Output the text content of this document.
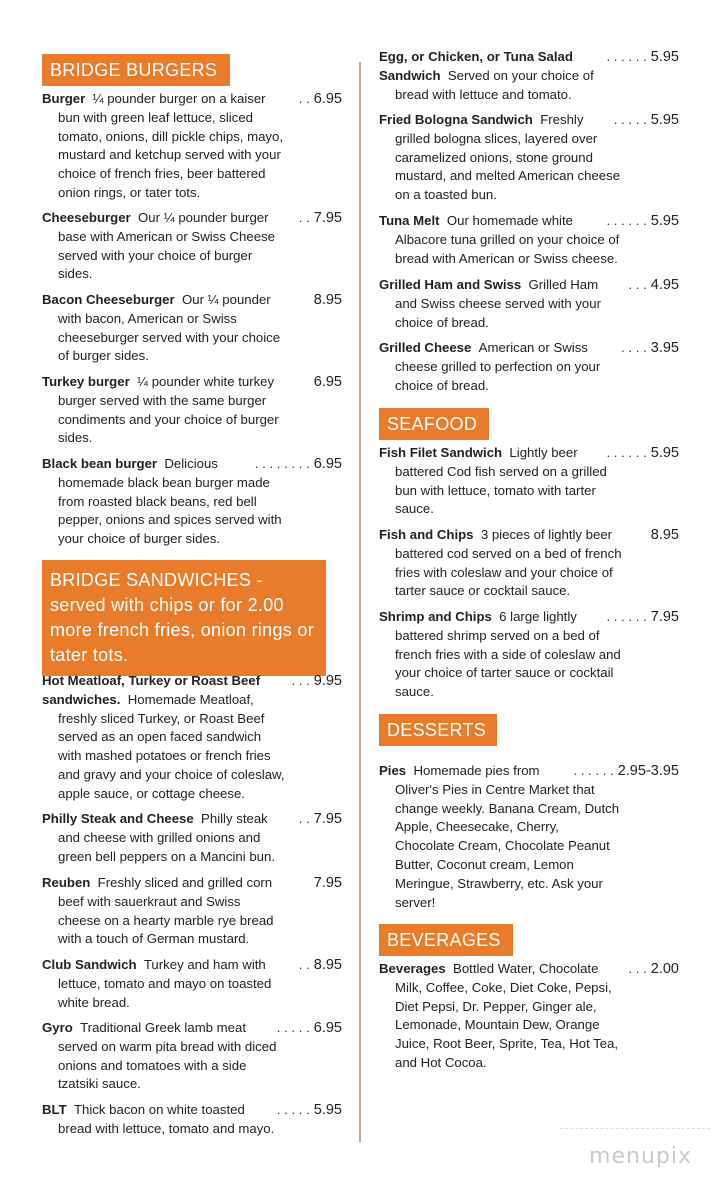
BRIDGE BURGERS
BRIDGE SANDWICHES -
served with chips or for 2.00
more french fries, onion rings or
tater tots.
SEAFOOD
DESSERTS
BEVERAGES
Burger ¼ pounder burger on a kaiser	. . 6.95
bun with green leaf lettuce, sliced
tomato, onions, dill pickle chips, mayo,
mustard and ketchup served with your
choice of french fries, beer battered
onion rings, or tater tots.
Cheeseburger Our ¼ pounder burger	. . 7.95
base with American or Swiss Cheese
served with your choice of burger
sides.
Bacon Cheeseburger Our ¼ pounder	8.95
with bacon, American or Swiss
cheeseburger served with your choice
of burger sides.
Turkey burger ¼ pounder white turkey	6.95
burger served with the same burger
condiments and your choice of burger
sides.
Black bean burger Delicious	. . . . . . . . 6.95
homemade black bean burger made
from roasted black beans, red bell
pepper, onions and spices served with
your choice of burger sides.
Hot Meatloaf, Turkey or Roast Beef	. . . 9.95
sandwiches.  Homemade Meatloaf,
freshly sliced Turkey, or Roast Beef
served as an open faced sandwich
with mashed potatoes or french fries
and gravy and your choice of coleslaw,
apple sauce, or cottage cheese.
Philly Steak and Cheese Philly steak	. . 7.95
and cheese with grilled onions and
green bell peppers on a Mancini bun.
Reuben Freshly sliced and grilled corn	7.95
beef with sauerkraut and Swiss
cheese on a hearty marble rye bread
with a touch of German mustard.
Club Sandwich Turkey and ham with	. . 8.95
lettuce, tomato and mayo on toasted
white bread.
Gyro Traditional Greek lamb meat	. . . . . 6.95
served on warm pita bread with diced
onions and tomatoes with a side
tzatsiki sauce.
BLT Thick bacon on white toasted	. . . . . 5.95
bread with lettuce, tomato and mayo.
Egg, or Chicken, or Tuna Salad	. . . . . . 5.95
Sandwich  Served on your choice of
bread with lettuce and tomato.
Fried Bologna Sandwich Freshly	. . . . . 5.95
grilled bologna slices, layered over
caramelized onions, stone ground
mustard, and melted American cheese
on a toasted bun.
Tuna Melt Our homemade white	. . . . . . 5.95
Albacore tuna grilled on your choice of
bread with American or Swiss cheese.
Grilled Ham and Swiss Grilled Ham	. . . 4.95
and Swiss cheese served with your
choice of bread.
Grilled Cheese American or Swiss	. . . . 3.95
cheese grilled to perfection on your
choice of bread.
Fish Filet Sandwich Lightly beer	. . . . . . 5.95
battered Cod fish served on a grilled
bun with lettuce, tomato with tarter
sauce.
Fish and Chips 3 pieces of lightly beer	8.95
battered cod served on a bed of french
fries with coleslaw and your choice of
tarter sauce or cocktail sauce.
Shrimp and Chips 6 large lightly	. . . . . . 7.95
battered shrimp served on a bed of
french fries with a side of coleslaw and
your choice of tarter sauce or cocktail
sauce.
Pies Homemade pies from	. . . . . . 2.95-3.95
Oliver's Pies in Centre Market that
change weekly. Banana Cream, Dutch
Apple, Cheesecake, Cherry,
Chocolate Cream, Chocolate Peanut
Butter, Coconut cream, Lemon
Meringue, Strawberry, etc. Ask your
server!
Beverages Bottled Water, Chocolate	. . . 2.00
Milk, Coffee, Coke, Diet Coke, Pepsi,
Diet Pepsi, Dr. Pepper, Ginger ale,
Lemonade, Mountain Dew, Orange
Juice, Root Beer, Sprite, Tea, Hot Tea,
and Hot Cocoa.
menupix
